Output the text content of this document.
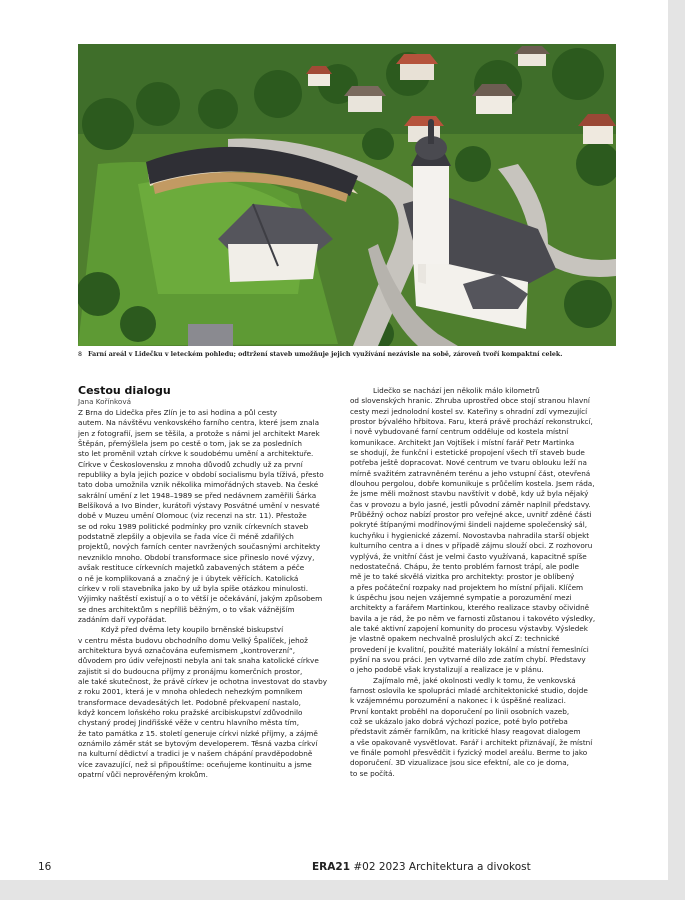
8 Farní areál v Lidečku v leteckém pohledu; odtržení staveb umožňuje jejich využívání nezávisle na sobě, zároveň tvoří kompaktní celek.
Cestou dialogu
Jana Kořínková

Z Brna do Lidečka přes Zlín je to asi hodina a půl cesty

autem. Na návštěvu venkovského farního centra, které jsem znala

jen z fotografií, jsem se těšila, a protože s námi jel architekt Marek

Štěpán, přemýšlela jsem po cestě o tom, jak se za posledních

sto let proměnil vztah církve k soudobému umění a architektuře.

Církve v Československu z mnoha důvodů zchudly už za první

republiky a byla jejich pozice v období socialismu byla tíživá, přesto

tato doba umožnila vznik několika mimořádných staveb. Na české

sakrální umění z let 1948–1989 se před nedávnem zaměřili Šárka

Belšíková a Ivo Binder, kurátoři výstavy Posvátné umění v nesvaté

době v Muzeu umění Olomouc (viz recenzi na str. 11). Přestože

se od roku 1989 politické podmínky pro vznik církevních staveb

podstatně zlepšily a objevila se řada více či méně zdařilých

projektů, nových farních center navržených současnými architekty

nevzniklo mnoho. Období transformace sice přineslo nové výzvy,

avšak restituce církevních majetků zabavených státem a péče

o ně je komplikovaná a značný je i úbytek věřících. Katolická

církev v roli stavebníka jako by už byla spíše otázkou minulosti.

Výjimky naštěstí existují a o to větší je očekávání, jakým způsobem

se dnes architektům s nepříliš běžným, o to však vážnějším

zadáním daří vypořádat.

Když před dvěma lety koupilo brněnské biskupství

v centru města budovu obchodního domu Velký Špalíček, jehož

architektura byvá označována eufemismem „kontroverzní“,

důvodem pro údiv veřejnosti nebyla ani tak snaha katolické církve

zajistit si do budoucna příjmy z pronájmu komerčních prostor,

ale také skutečnost, že právě církev je ochotna investovat do stavby

z roku 2001, která je v mnoha ohledech nehezkým pomníkem

transformace devadesátých let. Podobně překvapení nastalo,

když koncem loňského roku pražské arcibiskupství zdůvodnilo

chystaný prodej Jindřišské věže v centru hlavního města tím,

že tato památka z 15. století generuje církvi nízké příjmy, a zájmě

oznámilo záměr stát se bytovým developerem. Těsná vazba církví

na kulturní dědictví a tradici je v našem chápání pravděpodobně

více zavazující, než si připouštíme: oceňujeme kontinuitu a jsme

opatrní vůči neprověřeným krokům.

Lidečko se nachází jen několik málo kilometrů

od slovenských hranic. Zhruba uprostřed obce stojí stranou hlavní

cesty mezi jednolodní kostel sv. Kateřiny s ohradní zdí vymezující

prostor bývalého hřbitova. Faru, která právě prochází rekonstrukcí,

i nově vybudované farní centrum odděluje od kostela místní

komunikace. Architekt Jan Vojtíšek i místní farář Petr Martinka

se shodují, že funkční i estetické propojení všech tří staveb bude

potřeba ještě dopracovat. Nové centrum ve tvaru oblouku leží na

mírně svažitém zatravněném terénu a jeho vstupní část, otevřená

dlouhou pergolou, dobře komunikuje s průčelím kostela. Jsem ráda,

že jsme měli možnost stavbu navštívit v době, kdy už byla nějaký

čas v provozu a bylo jasné, jestli původní záměr naplnil představy.

Průběžný ochoz nabízí prostor pro veřejné akce, uvnitř zděné části

pokryté štípanými modřínovými šindeli najdeme společenský sál,

kuchyňku i hygienické zázemí. Novostavba nahradila starší objekt

kulturního centra a i dnes v případě zájmu slouží obci. Z rozhovoru

vyplývá, že vnitřní část je velmi často využívaná, kapacitně spíše

nedostatečná. Chápu, že tento problém farnost trápí, ale podle

mě je to také skvělá vizitka pro architekty: prostor je oblíbený

a přes počáteční rozpaky nad projektem ho místní přijali. Klíčem

k úspěchu jsou nejen vzájemné sympatie a porozumění mezi

architekty a farářem Martinkou, kterého realizace stavby očividně

bavila a je rád, že po něm ve farnosti zůstanou i takovéto výsledky,

ale také aktivní zapojení komunity do procesu výstavby. Výsledek

je vlastně opakem nechvalně proslulých akcí Z: technické

provedení je kvalitní, použité materiály lokální a místní řemeslníci

pyšní na svou práci. Jen vytvarné dílo zde zatím chybí. Představy

o jeho podobě však krystalizují a realizace je v plánu.

Zajímalo mě, jaké okolnosti vedly k tomu, že venkovská

farnost oslovila ke spolupráci mladé architektonické studio, dojde

k vzájemnému porozumění a nakonec i k úspěšné realizaci.

První kontakt proběhl na doporučení po linii osobních vazeb,

což se ukázalo jako dobrá výchozí pozice, poté bylo potřeba

představit záměr farníkům, na kritické hlasy reagovat dialogem

a vše opakovaně vysvětlovat. Farář i architekt přiznávají, že místní

ve finále pomohl přesvědčit i fyzický model areálu. Berme to jako

doporučení. 3D vizualizace jsou sice efektní, ale co je doma,

to se počítá.

16	ERA21 #02 2023 Architektura a divokost
